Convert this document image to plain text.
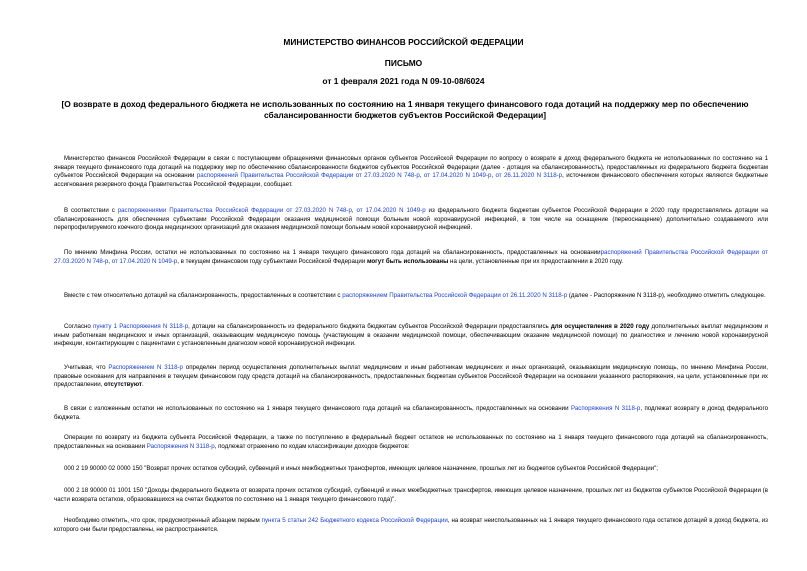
МИНИСТЕРСТВО ФИНАНСОВ РОССИЙСКОЙ ФЕДЕРАЦИИ
ПИСЬМО
от 1 февраля 2021 года N 09-10-08/6024
[О возврате в доход федерального бюджета не использованных по состоянию на 1 января текущего финансового года дотаций на поддержку мер по обеспечению сбалансированности бюджетов субъектов Российской Федерации]
Министерство финансов Российской Федерации в связи с поступающими обращениями финансовых органов субъектов Российской Федерации по вопросу о возврате в доход федерального бюджета не использованных по состоянию на 1 января текущего финансового года дотаций на поддержку мер по обеспечению сбалансированности бюджетов субъектов Российской Федерации (далее - дотация на сбалансированность), предоставленных из федерального бюджета бюджетам субъектов Российской Федерации на основании распоряжений Правительства Российской Федерации от 27.03.2020 N 748-р, от 17.04.2020 N 1049-р, от 26.11.2020 N 3118-р, источником финансового обеспечения которых являются бюджетные ассигнования резервного фонда Правительства Российской Федерации, сообщает.
В соответствии с распоряжениями Правительства Российской Федерации от 27.03.2020 N 748-р, от 17.04.2020 N 1049-р из федерального бюджета бюджетам субъектов Российской Федерации в 2020 году предоставлялись дотации на сбалансированность для обеспечения субъектами Российской Федерации оказания медицинской помощи больным новой коронавирусной инфекцией, в том числе на оснащение (переоснащение) дополнительно создаваемого или перепрофилируемого коечного фонда медицинских организаций для оказания медицинской помощи больным новой коронавирусной инфекцией.
По мнению Минфина России, остатки не использованных по состоянию на 1 января текущего финансового года дотаций на сбалансированность, предоставленных на основаниираспоряжений Правительства Российской Федерации от 27.03.2020 N 748-р, от 17.04.2020 N 1049-р, в текущем финансовом году субъектами Российской Федерации могут быть использованы на цели, установленные при их предоставлении в 2020 году.
Вместе с тем относительно дотаций на сбалансированность, предоставленных в соответствии с распоряжением Правительства Российской Федерации от 26.11.2020 N 3118-р (далее - Распоряжение N 3118-р), необходимо отметить следующее.
Согласно пункту 1 Распоряжения N 3118-р, дотации на сбалансированность из федерального бюджета бюджетам субъектов Российской Федерации предоставлялись для осуществления в 2020 году дополнительных выплат медицинским и иным работникам медицинских и иных организаций, оказывающим медицинскую помощь (участвующим в оказании медицинской помощи, обеспечивающим оказание медицинской помощи) по диагностике и лечению новой коронавирусной инфекции, контактирующим с пациентами с установленным диагнозом новой коронавирусной инфекции.
Учитывая, что Распоряжением N 3118-р определен период осуществления дополнительных выплат медицинским и иным работникам медицинских и иных организаций, оказывающим медицинскую помощь, по мнению Минфина России, правовые основания для направления в текущем финансовом году средств дотаций на сбалансированность, предоставленных бюджетам субъектов Российской Федерации на основании указанного распоряжения, на цели, установленные при их предоставлении, отсутствуют.
В связи с изложенным остатки не использованных по состоянию на 1 января текущего финансового года дотаций на сбалансированность, предоставленных на основании Распоряжения N 3118-р, подлежат возврату в доход федерального бюджета.
Операции по возврату из бюджета субъекта Российской Федерации, а также по поступлению в федеральный бюджет остатков не использованных по состоянию на 1 января текущего финансового года дотаций на сбалансированность, предоставленных на основании Распоряжения N 3118-р, подлежат отражению по кодам классификации доходов бюджетов:
000 2 19 90000 02 0000 150 "Возврат прочих остатков субсидий, субвенций и иных межбюджетных трансфертов, имеющих целевое назначение, прошлых лет из бюджетов субъектов Российской Федерации";
000 2 18 90000 01 1001 150 "Доходы федерального бюджета от возврата прочих остатков субсидий, субвенций и иных межбюджетных трансфертов, имеющих целевое назначение, прошлых лет из бюджетов субъектов Российской Федерации (в части возврата остатков, образовавшихся на счетах бюджетов по состоянию на 1 января текущего финансового года)".
Необходимо отметить, что срок, предусмотренный абзацем первым пункта 5 статьи 242 Бюджетного кодекса Российской Федерации, на возврат неиспользованных на 1 января текущего финансового года остатков дотаций в доход бюджета, из которого они были предоставлены, не распространяется.
